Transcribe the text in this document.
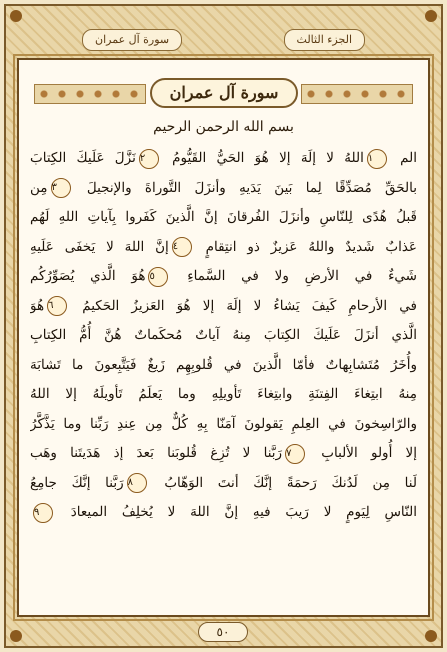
سورة آل عمران	الجزء الثالث
سورة آل عمران
بسم الله الرحمن الرحيم
الم ١اللهُ لا إلَهَ إلا هُوَ الحَيُّ القَيُّومُ ٢نَزَّلَ عَلَيكَ الكِتابَ
بالحَقِّ مُصَدِّقًا لِما بَينَ يَدَيهِ وأنزَلَ التَّوراةَ والإنجيلَ ٣مِن
قَبلُ هُدًى لِلنّاسِ وأنزَلَ الفُرقانَ إنَّ الَّذينَ كَفَروا بِآياتِ اللهِ لَهُم
عَذابٌ شَديدٌ واللهُ عَزيزٌ ذو انتِقامٍ ٤إنَّ اللهَ لا يَخفَى عَلَيهِ
شَيءٌ في الأرضِ ولا في السَّماءِ ٥هُوَ الَّذي يُصَوِّرُكُم
في الأرحامِ كَيفَ يَشاءُ لا إلَهَ إلا هُوَ العَزيزُ الحَكيمُ ٦هُوَ
الَّذي أنزَلَ عَلَيكَ الكِتابَ مِنهُ آياتٌ مُحكَماتٌ هُنَّ أُمُّ الكِتابِ
وأُخَرُ مُتَشابِهاتٌ فأمّا الَّذينَ في قُلوبِهِم زَيغٌ فَيَتَّبِعونَ ما تَشابَهَ
مِنهُ ابتِغاءَ الفِتنَةِ وابتِغاءَ تَأويلِهِ وما يَعلَمُ تَأويلَهُ إلا اللهُ
والرّاسِخونَ في العِلمِ يَقولونَ آمَنّا بِهِ كُلٌّ مِن عِندِ رَبِّنا وما يَذَّكَّرُ
إلا أُولو الألبابِ ٧رَبَّنا لا تُزِغ قُلوبَنا بَعدَ إذ هَدَيتَنا وهَب
لَنا مِن لَدُنكَ رَحمَةً إنَّكَ أنتَ الوَهّابُ ٨رَبَّنا إنَّكَ جامِعُ
النّاسِ لِيَومٍ لا رَيبَ فيهِ إنَّ اللهَ لا يُخلِفُ الميعادَ ٩
٥٠
